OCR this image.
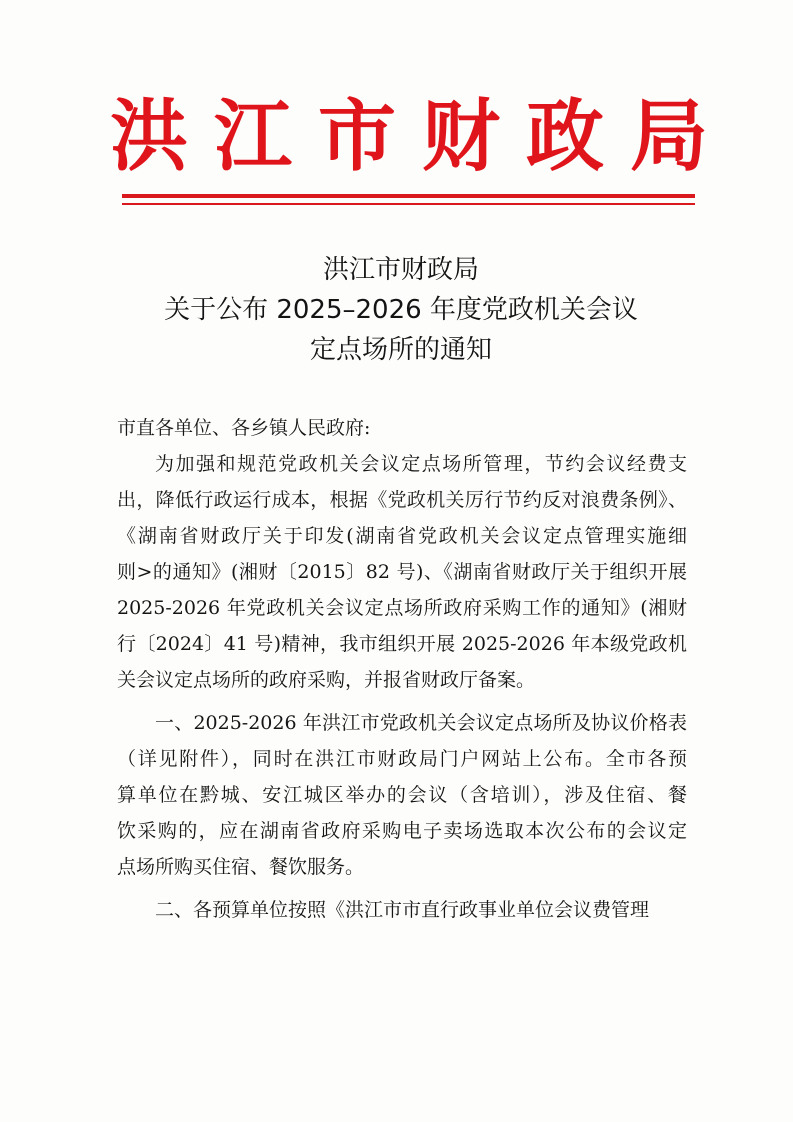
洪江市财政局
洪江市财政局
关于公布 2025–2026 年度党政机关会议
定点场所的通知
市直各单位、各乡镇人民政府:
为加强和规范党政机关会议定点场所管理，节约会议经费支
出，降低行政运行成本，根据《党政机关厉行节约反对浪费条例》、
《湖南省财政厅关于印发(湖南省党政机关会议定点管理实施细
则>的通知》(湘财〔2015〕82 号)、《湖南省财政厅关于组织开展
2025-2026 年党政机关会议定点场所政府采购工作的通知》(湘财
行〔2024〕41 号)精神，我市组织开展 2025-2026 年本级党政机
关会议定点场所的政府采购，并报省财政厅备案。
一、2025-2026 年洪江市党政机关会议定点场所及协议价格表
（详见附件），同时在洪江市财政局门户网站上公布。全市各预
算单位在黔城、安江城区举办的会议（含培训），涉及住宿、餐
饮采购的，应在湖南省政府采购电子卖场选取本次公布的会议定
点场所购买住宿、餐饮服务。
二、各预算单位按照《洪江市市直行政事业单位会议费管理
